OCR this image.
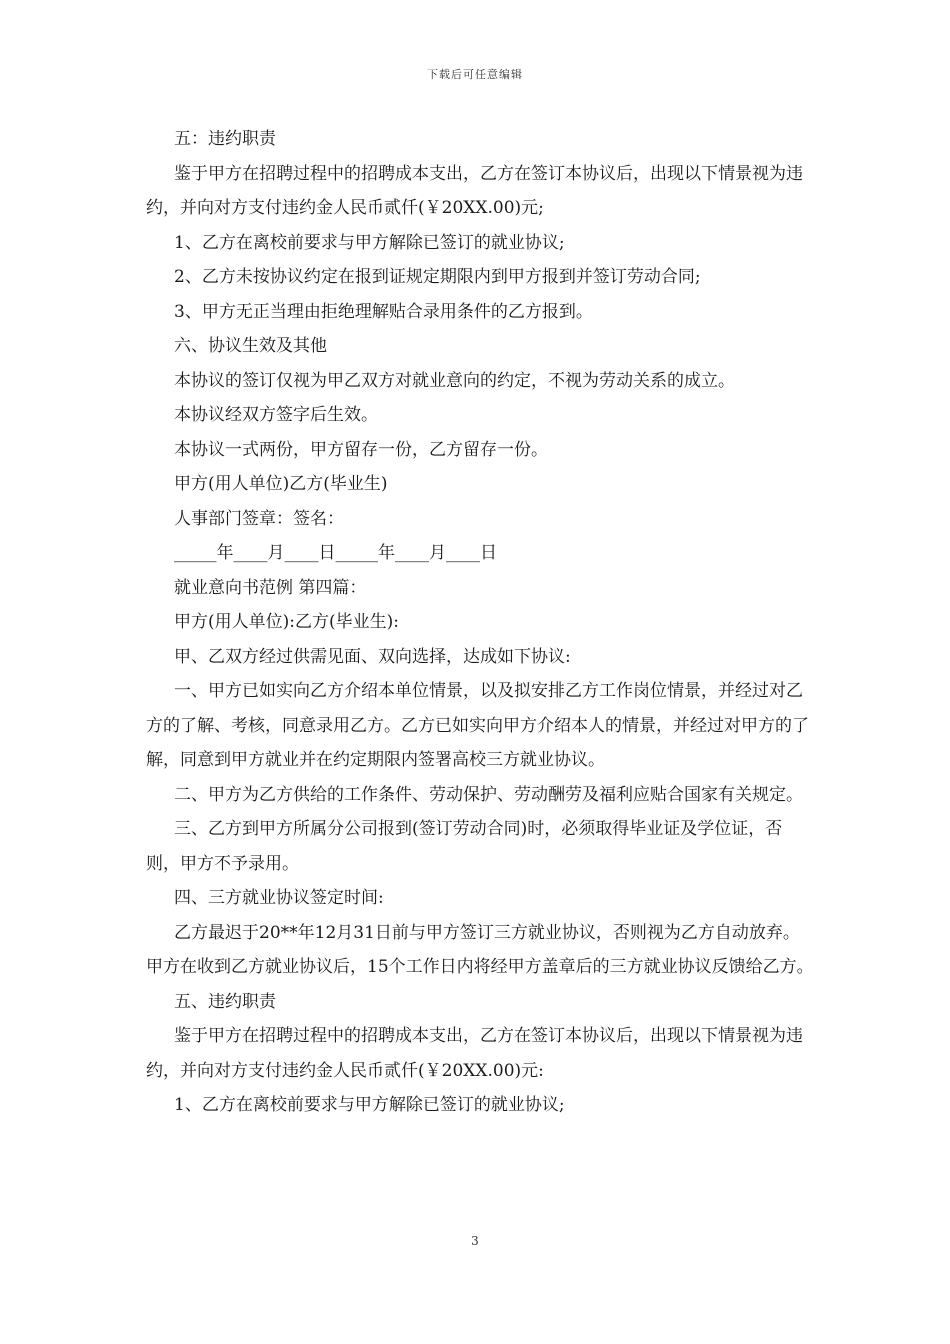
下载后可任意编辑

五：违约职责

鉴于甲方在招聘过程中的招聘成本支出，乙方在签订本协议后，出现以下情景视为违约，并向对方支付违约金人民币贰仟(￥20XX.00)元;

1、乙方在离校前要求与甲方解除已签订的就业协议;

2、乙方未按协议约定在报到证规定期限内到甲方报到并签订劳动合同;

3、甲方无正当理由拒绝理解贴合录用条件的乙方报到。

六、协议生效及其他

本协议的签订仅视为甲乙双方对就业意向的约定，不视为劳动关系的成立。

本协议经双方签字后生效。

本协议一式两份，甲方留存一份，乙方留存一份。

甲方(用人单位)乙方(毕业生)

人事部门签章：签名：

_____年____月____日_____年____月____日

就业意向书范例 第四篇：

甲方(用人单位):乙方(毕业生):

甲、乙双方经过供需见面、双向选择，达成如下协议:

一、甲方已如实向乙方介绍本单位情景，以及拟安排乙方工作岗位情景，并经过对乙方的了解、考核，同意录用乙方。乙方已如实向甲方介绍本人的情景，并经过对甲方的了解，同意到甲方就业并在约定期限内签署高校三方就业协议。

二、甲方为乙方供给的工作条件、劳动保护、劳动酬劳及福利应贴合国家有关规定。

三、乙方到甲方所属分公司报到(签订劳动合同)时，必须取得毕业证及学位证，否则，甲方不予录用。

四、三方就业协议签定时间:

乙方最迟于20**年12月31日前与甲方签订三方就业协议，否则视为乙方自动放弃。甲方在收到乙方就业协议后，15个工作日内将经甲方盖章后的三方就业协议反馈给乙方。

五、违约职责

鉴于甲方在招聘过程中的招聘成本支出，乙方在签订本协议后，出现以下情景视为违约，并向对方支付违约金人民币贰仟(￥20XX.00)元:

1、乙方在离校前要求与甲方解除已签订的就业协议;

3
